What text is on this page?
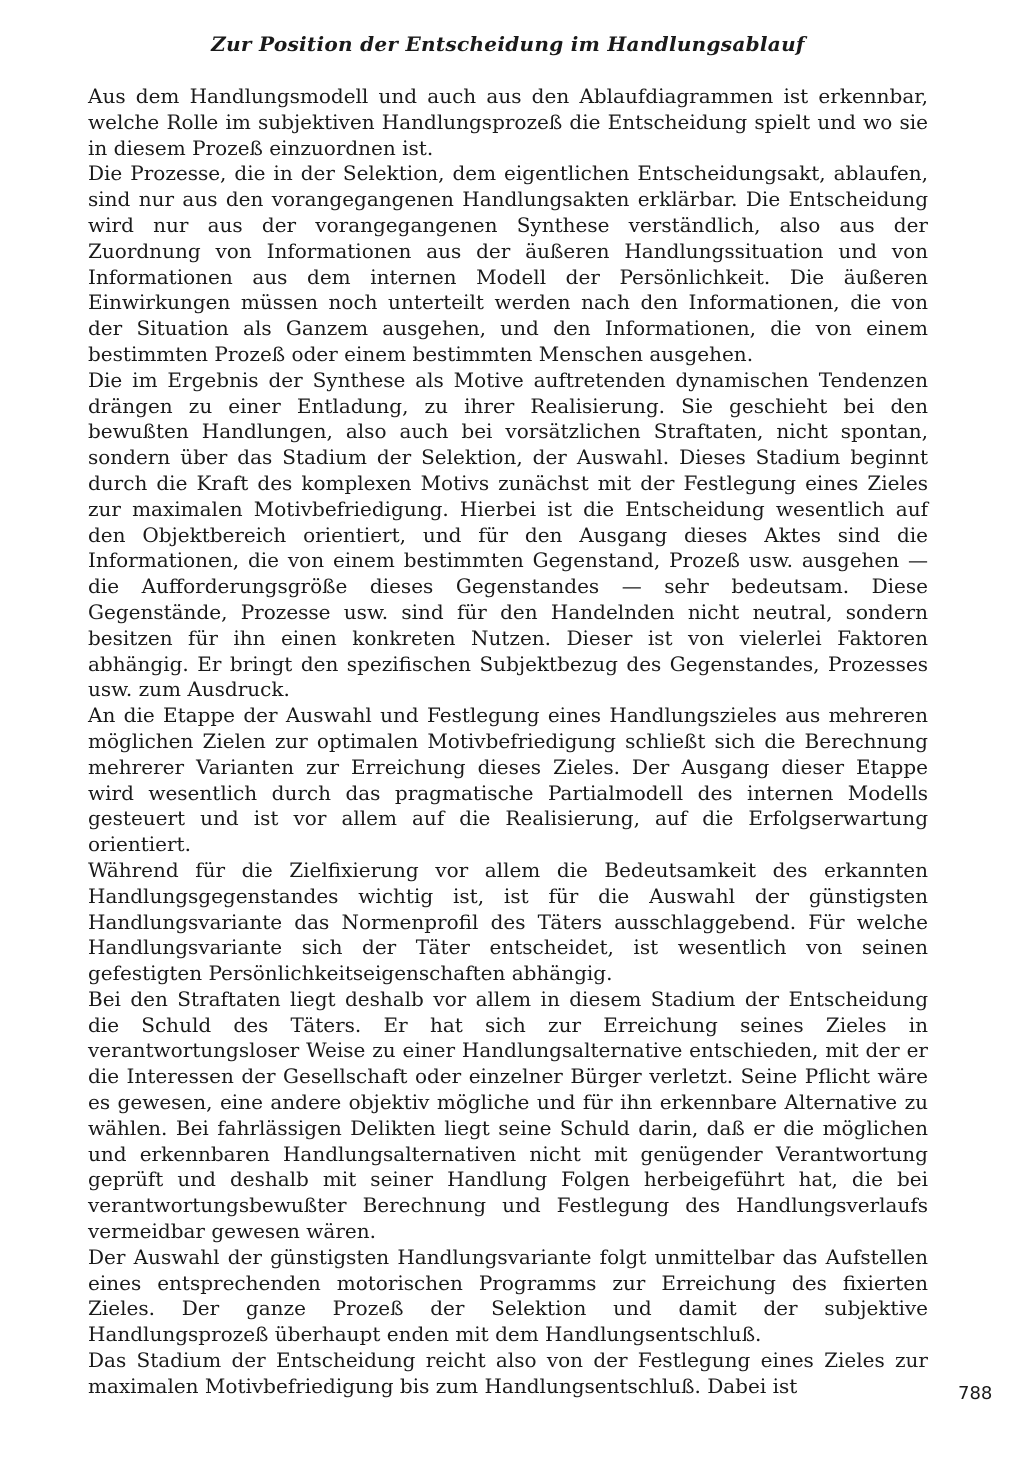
Zur Position der Entscheidung im Handlungsablauf

Aus dem Handlungsmodell und auch aus den Ablaufdiagrammen ist erkennbar, welche Rolle im subjektiven Handlungsprozeß die Entscheidung spielt und wo sie in diesem Prozeß einzuordnen ist.

Die Prozesse, die in der Selektion, dem eigentlichen Entscheidungsakt, ablaufen, sind nur aus den vorangegangenen Handlungsakten erklärbar. Die Entscheidung wird nur aus der vorangegangenen Synthese verständlich, also aus der Zuordnung von Informationen aus der äußeren Handlungssituation und von Informationen aus dem internen Modell der Persönlichkeit. Die äußeren Einwirkungen müssen noch unterteilt werden nach den Informationen, die von der Situation als Ganzem ausgehen, und den Informationen, die von einem bestimmten Prozeß oder einem bestimmten Menschen ausgehen.

Die im Ergebnis der Synthese als Motive auftretenden dynamischen Tendenzen drängen zu einer Entladung, zu ihrer Realisierung. Sie geschieht bei den bewußten Handlungen, also auch bei vorsätzlichen Straftaten, nicht spontan, sondern über das Stadium der Selektion, der Auswahl. Dieses Stadium beginnt durch die Kraft des komplexen Motivs zunächst mit der Festlegung eines Zieles zur maximalen Motivbefriedigung. Hierbei ist die Entscheidung wesentlich auf den Objektbereich orientiert, und für den Ausgang dieses Aktes sind die Informationen, die von einem bestimmten Gegenstand, Prozeß usw. ausgehen — die Aufforderungsgröße dieses Gegenstandes — sehr bedeutsam. Diese Gegenstände, Prozesse usw. sind für den Handelnden nicht neutral, sondern besitzen für ihn einen konkreten Nutzen. Dieser ist von vielerlei Faktoren abhängig. Er bringt den spezifischen Subjektbezug des Gegenstandes, Prozesses usw. zum Ausdruck.

An die Etappe der Auswahl und Festlegung eines Handlungszieles aus mehreren möglichen Zielen zur optimalen Motivbefriedigung schließt sich die Berechnung mehrerer Varianten zur Erreichung dieses Zieles. Der Ausgang dieser Etappe wird wesentlich durch das pragmatische Partialmodell des internen Modells gesteuert und ist vor allem auf die Realisierung, auf die Erfolgserwartung orientiert.

Während für die Zielfixierung vor allem die Bedeutsamkeit des erkannten Handlungsgegenstandes wichtig ist, ist für die Auswahl der günstigsten Handlungsvariante das Normenprofil des Täters ausschlaggebend. Für welche Handlungsvariante sich der Täter entscheidet, ist wesentlich von seinen gefestigten Persönlichkeitseigenschaften abhängig.

Bei den Straftaten liegt deshalb vor allem in diesem Stadium der Entscheidung die Schuld des Täters. Er hat sich zur Erreichung seines Zieles in verantwortungsloser Weise zu einer Handlungsalternative entschieden, mit der er die Interessen der Gesellschaft oder einzelner Bürger verletzt. Seine Pflicht wäre es gewesen, eine andere objektiv mögliche und für ihn erkennbare Alternative zu wählen. Bei fahrlässigen Delikten liegt seine Schuld darin, daß er die möglichen und erkennbaren Handlungsalternativen nicht mit genügender Verantwortung geprüft und deshalb mit seiner Handlung Folgen herbeigeführt hat, die bei verantwortungsbewußter Berechnung und Festlegung des Handlungsverlaufs vermeidbar gewesen wären.

Der Auswahl der günstigsten Handlungsvariante folgt unmittelbar das Aufstellen eines entsprechenden motorischen Programms zur Erreichung des fixierten Zieles. Der ganze Prozeß der Selektion und damit der subjektive Handlungsprozeß überhaupt enden mit dem Handlungsentschluß.

Das Stadium der Entscheidung reicht also von der Festlegung eines Zieles zur maximalen Motivbefriedigung bis zum Handlungsentschluß. Dabei ist	788
